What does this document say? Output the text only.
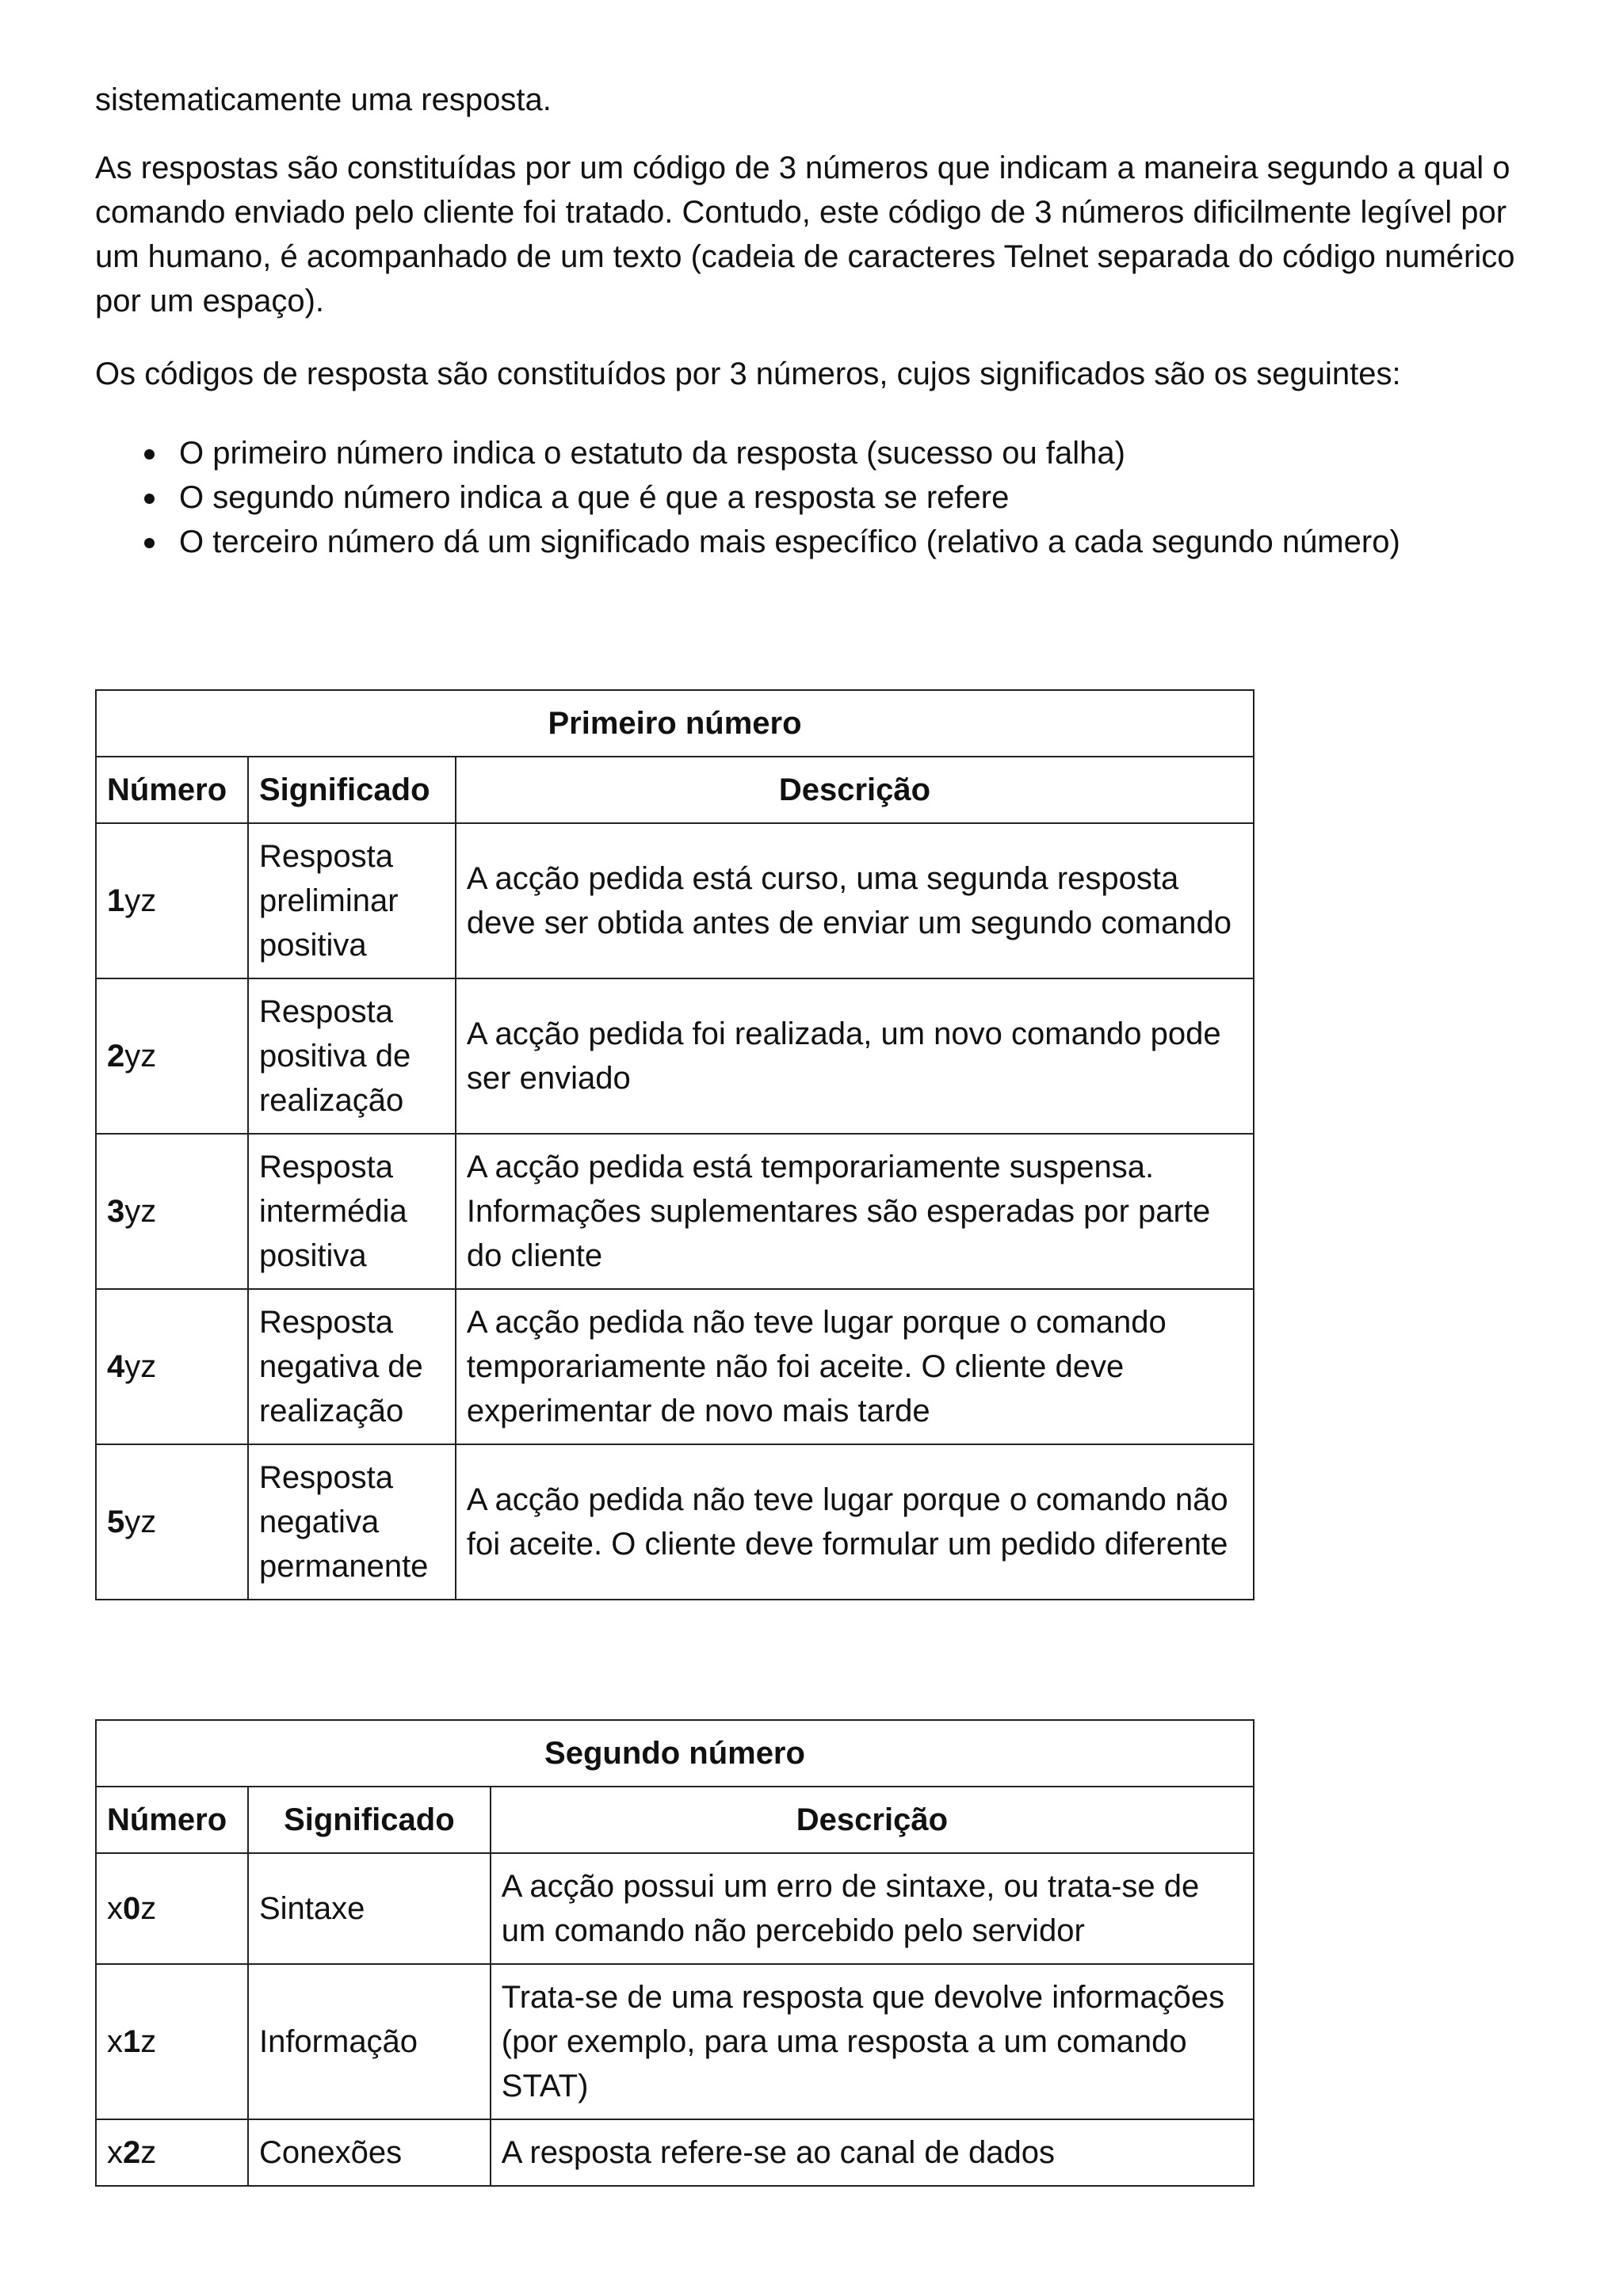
sistematicamente uma resposta.

As respostas são constituídas por um código de 3 números que indicam a maneira segundo a qual o comando enviado pelo cliente foi tratado. Contudo, este código de 3 números dificilmente legível por um humano, é acompanhado de um texto (cadeia de caracteres Telnet separada do código numérico por um espaço).

Os códigos de resposta são constituídos por 3 números, cujos significados são os seguintes:

O primeiro número indica o estatuto da resposta (sucesso ou falha)
O segundo número indica a que é que a resposta se refere
O terceiro número dá um significado mais específico (relativo a cada segundo número)
Primeiro número		
Número	Significado	Descrição
1yz	Resposta preliminar positiva	A acção pedida está curso, uma segunda resposta deve ser obtida antes de enviar um segundo comando
2yz	Resposta positiva de realização	A acção pedida foi realizada, um novo comando pode ser enviado
3yz	Resposta intermédia positiva	A acção pedida está temporariamente suspensa. Informações suplementares são esperadas por parte do cliente
4yz	Resposta negativa de realização	A acção pedida não teve lugar porque o comando temporariamente não foi aceite. O cliente deve experimentar de novo mais tarde
5yz	Resposta negativa permanente	A acção pedida não teve lugar porque o comando não foi aceite. O cliente deve formular um pedido diferente
Segundo número		
Número	Significado	Descrição
x0z	Sintaxe	A acção possui um erro de sintaxe, ou trata-se de um comando não percebido pelo servidor
x1z	Informação	Trata-se de uma resposta que devolve informações (por exemplo, para uma resposta a um comando STAT)
x2z	Conexões	A resposta refere-se ao canal de dados
